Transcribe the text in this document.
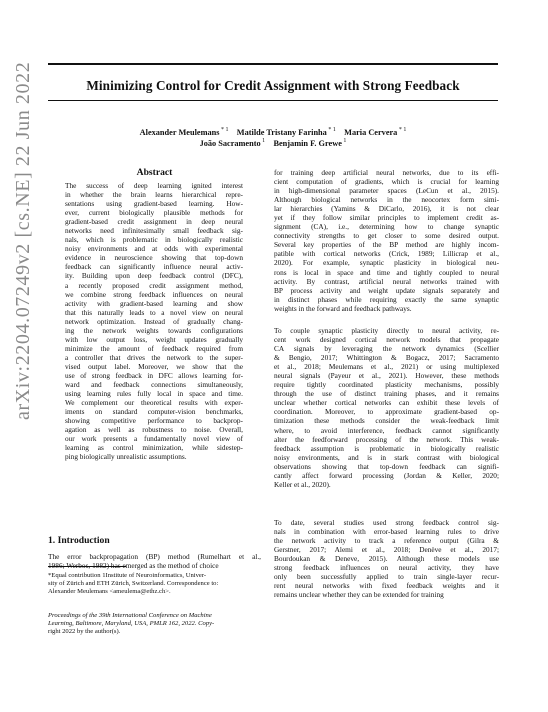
Minimizing Control for Credit Assignment with Strong Feedback
Alexander Meulemans $^{* 1}$  Matilde Tristany Farinha $^{* 1}$  Maria Cervera $^{* 1}$
João Sacramento $^1$  Benjamin F. Grewe $^1$
arXiv:2204.07249v2 [cs.NE] 22 Jun 2022	Abstract
The success of deep learning ignited interest
in whether the brain learns hierarchical repre-
sentations using gradient-based learning. How-
ever, current biologically plausible methods for
gradient-based credit assignment in deep neural
networks need infinitesimally small feedback sig-
nals, which is problematic in biologically realistic
noisy environments and at odds with experimental
evidence in neuroscience showing that top-down
feedback can significantly influence neural activ-
ity. Building upon deep feedback control (DFC),
a recently proposed credit assignment method,
we combine strong feedback influences on neural
activity with gradient-based learning and show
that this naturally leads to a novel view on neural
network optimization. Instead of gradually chang-
ing the network weights towards configurations
with low output loss, weight updates gradually
minimize the amount of feedback required from
a controller that drives the network to the super-
vised output label. Moreover, we show that the
use of strong feedback in DFC allows learning for-
ward and feedback connections simultaneously,
using learning rules fully local in space and time.
We complement our theoretical results with exper-
iments on standard computer-vision benchmarks,
showing competitive performance to backprop-
agation as well as robustness to noise. Overall,
our work presents a fundamentally novel view of
learning as control minimization, while sidestep-
ping biologically unrealistic assumptions.
1. Introduction
The error backpropagation (BP) method (Rumelhart et al.,
1986; Werbos, 1982) has emerged as the method of choice
*Equal contribution 1Institute of Neuroinformatics, Univer-
sity of Zürich and ETH Zürich, Switzerland. Correspondence to:
Alexander Meulemans <ameulema@ethz.ch>.
Proceedings of the 39th International Conference on Machine
Learning, Baltimore, Maryland, USA, PMLR 162, 2022. Copy-
right 2022 by the author(s).
for training deep artificial neural networks, due to its effi-
cient computation of gradients, which is crucial for learning
in high-dimensional parameter spaces (LeCun et al., 2015).
Although biological networks in the neocortex form simi-
lar hierarchies (Yamins & DiCarlo, 2016), it is not clear
yet if they follow similar principles to implement credit as-
signment (CA), i.e., determining how to change synaptic
connectivity strengths to get closer to some desired output.
Several key properties of the BP method are highly incom-
patible with cortical networks (Crick, 1989; Lillicrap et al.,
2020). For example, synaptic plasticity in biological neu-
rons is local in space and time and tightly coupled to neural
activity. By contrast, artificial neural networks trained with
BP process activity and weight update signals separately and
in distinct phases while requiring exactly the same synaptic
weights in the forward and feedback pathways.
To couple synaptic plasticity directly to neural activity, re-
cent work designed cortical network models that propagate
CA signals by leveraging the network dynamics (Scellier
& Bengio, 2017; Whittington & Bogacz, 2017; Sacramento
et al., 2018; Meulemans et al., 2021) or using multiplexed
neural signals (Payeur et al., 2021). However, these methods
require tightly coordinated plasticity mechanisms, possibly
through the use of distinct training phases, and it remains
unclear whether cortical networks can exhibit these levels of
coordination. Moreover, to approximate gradient-based op-
timization these methods consider the weak-feedback limit
where, to avoid interference, feedback cannot significantly
alter the feedforward processing of the network. This weak-
feedback assumption is problematic in biologically realistic
noisy environments, and is in stark contrast with biological
observations showing that top-down feedback can signifi-
cantly affect forward processing (Jordan & Keller, 2020;
Keller et al., 2020).
To date, several studies used strong feedback control sig-
nals in combination with error-based learning rules to drive
the network activity to track a reference output (Gilra &
Gerstner, 2017; Alemi et al., 2018; Denève et al., 2017;
Bourdoukan & Deneve, 2015). Although these models use
strong feedback influences on neural activity, they have
only been successfully applied to train single-layer recur-
rent neural networks with fixed feedback weights and it
remains unclear whether they can be extended for training
